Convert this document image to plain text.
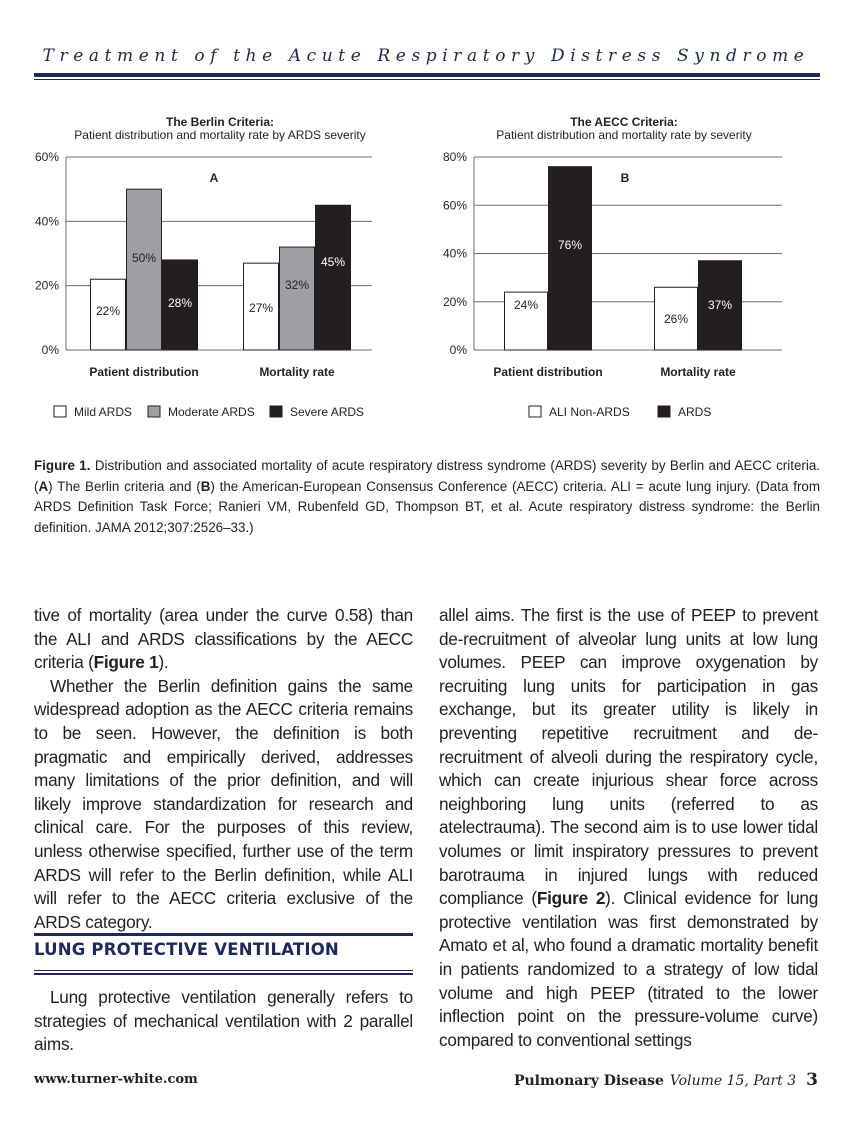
Treatment of the Acute Respiratory Distress Syndrome
The Berlin Criteria:
Patient distribution and mortality rate by ARDS severity
A
0%
20%
40%
60%
22%
50%
28%	27%
32%
45%
Patient distribution	Mortality rate
Mild ARDS	Moderate ARDS	Severe ARDS
The AECC Criteria:
Patient distribution and mortality rate by severity
B
0%
20%
40%
60%
80%
24%
76%
26%
37%
Patient distribution	Mortality rate
ALI Non-ARDS	ARDS
Figure 1. Distribution and associated mortality of acute respiratory distress syndrome (ARDS) severity by Berlin and AECC criteria. (A) The Berlin criteria and (B) the American-European Consensus Conference (AECC) criteria. ALI = acute lung injury. (Data from ARDS Definition Task Force; Ranieri VM, Rubenfeld GD, Thompson BT, et al. Acute respiratory distress syndrome: the Berlin definition. JAMA 2012;307:2526–33.)

tive of mortality (area under the curve 0.58) than the ALI and ARDS classifications by the AECC criteria (Figure 1).

Whether the Berlin definition gains the same widespread adoption as the AECC criteria remains to be seen. However, the definition is both pragmatic and empirically derived, addresses many limitations of the prior definition, and will likely improve standardization for research and clinical care. For the purposes of this review, unless otherwise specified, further use of the term ARDS will refer to the Berlin definition, while ALI will refer to the AECC criteria exclusive of the ARDS category.

LUNG PROTECTIVE VENTILATION

Lung protective ventilation generally refers to strategies of mechanical ventilation with 2 parallel aims.

allel aims. The first is the use of PEEP to prevent de-recruitment of alveolar lung units at low lung volumes. PEEP can improve oxygenation by recruiting lung units for participation in gas exchange, but its greater utility is likely in preventing repetitive recruitment and de-recruitment of alveoli during the respiratory cycle, which can create injurious shear force across neighboring lung units (referred to as atelectrauma). The second aim is to use lower tidal volumes or limit inspiratory pressures to prevent barotrauma in injured lungs with reduced compliance (Figure 2). Clinical evidence for lung protective ventilation was first demonstrated by Amato et al, who found a dramatic mortality benefit in patients randomized to a strategy of low tidal volume and high PEEP (titrated to the lower inflection point on the pressure-volume curve) compared to conventional settings

www.turner-white.com	Pulmonary Disease Volume 15, Part 3 3
